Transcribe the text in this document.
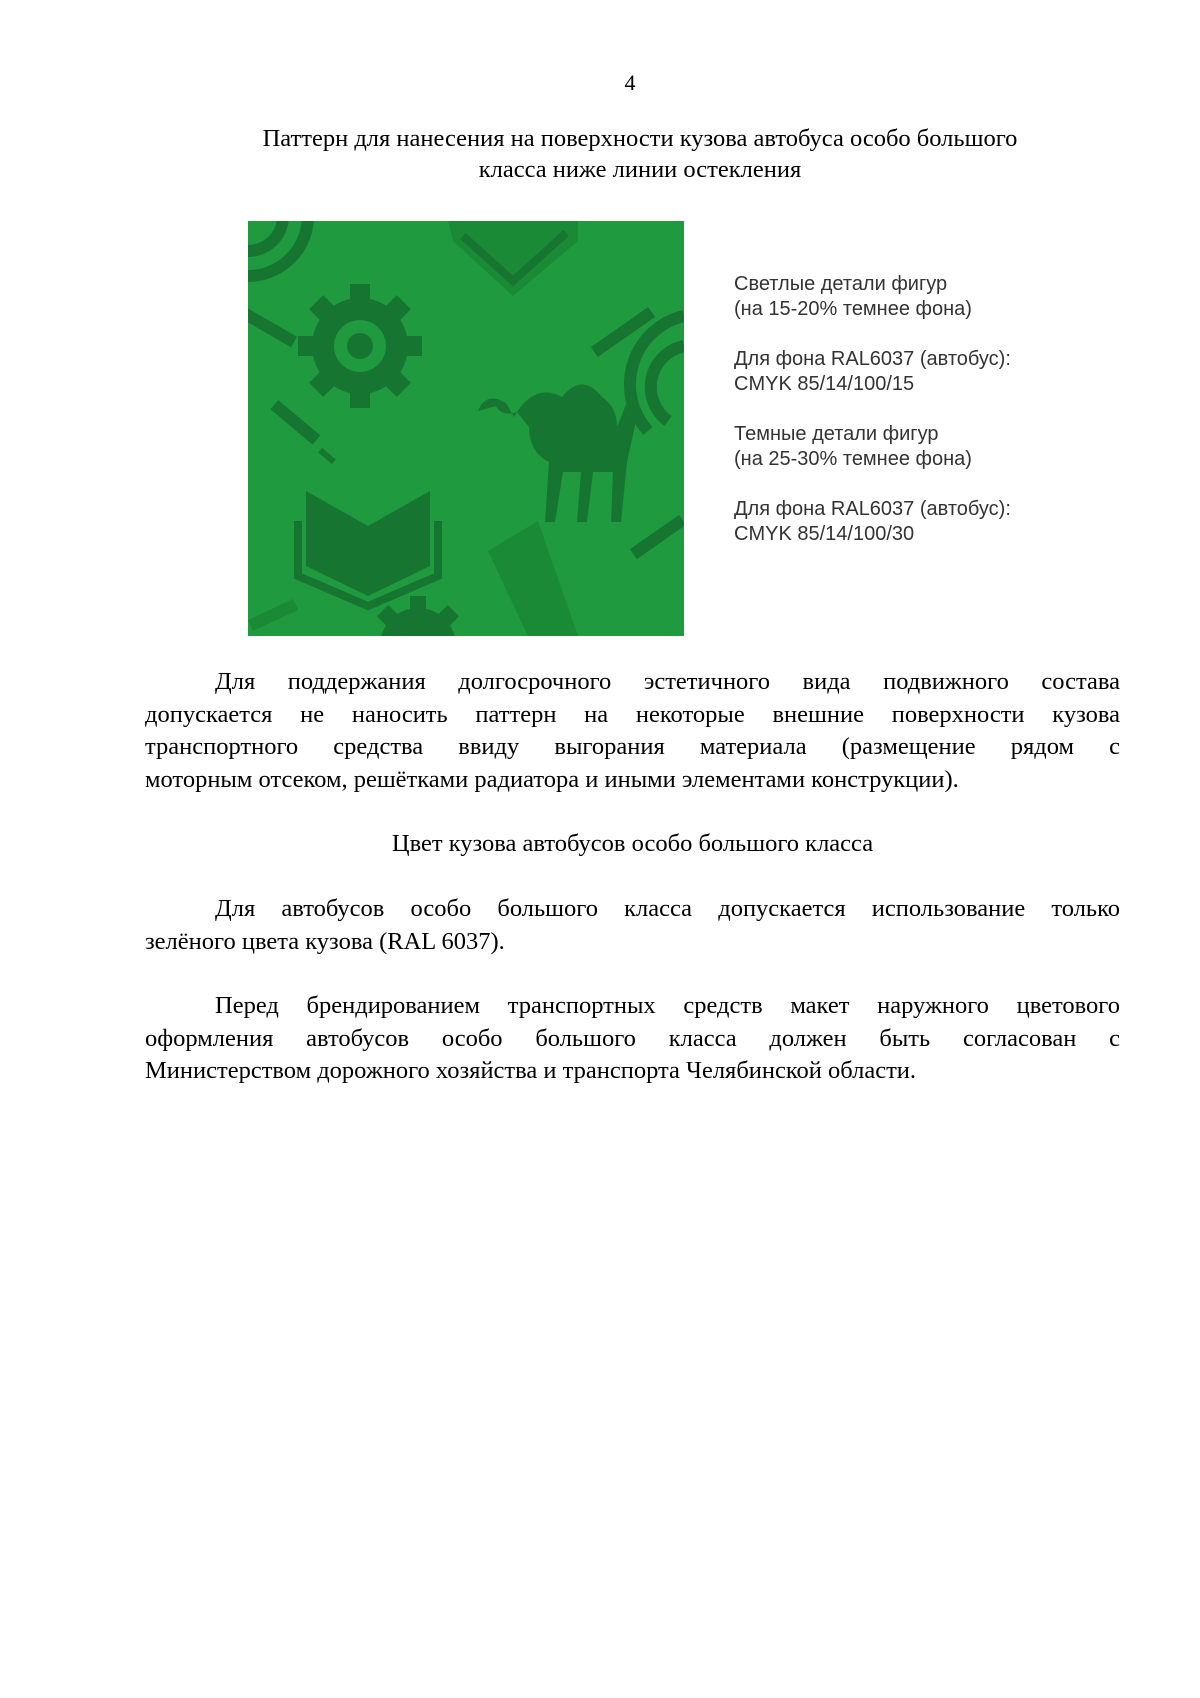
4
Паттерн для нанесения на поверхности кузова автобуса особо большого
класса ниже линии остекления
Светлые детали фигур
(на 15-20% темнее фона)
Для фона RAL6037 (автобус):
CMYK 85/14/100/15
Темные детали фигур
(на 25-30% темнее фона)
Для фона RAL6037 (автобус):
CMYK 85/14/100/30
Для поддержания долгосрочного эстетичного вида подвижного состава
допускается не наносить паттерн на некоторые внешние поверхности кузова
транспортного средства ввиду выгорания материала (размещение рядом с
моторным отсеком, решётками радиатора и иными элементами конструкции).
Цвет кузова автобусов особо большого класса
Для автобусов особо большого класса допускается использование только
зелёного цвета кузова (RAL 6037).
Перед брендированием транспортных средств макет наружного цветового
оформления автобусов особо большого класса должен быть согласован с
Министерством дорожного хозяйства и транспорта Челябинской области.
